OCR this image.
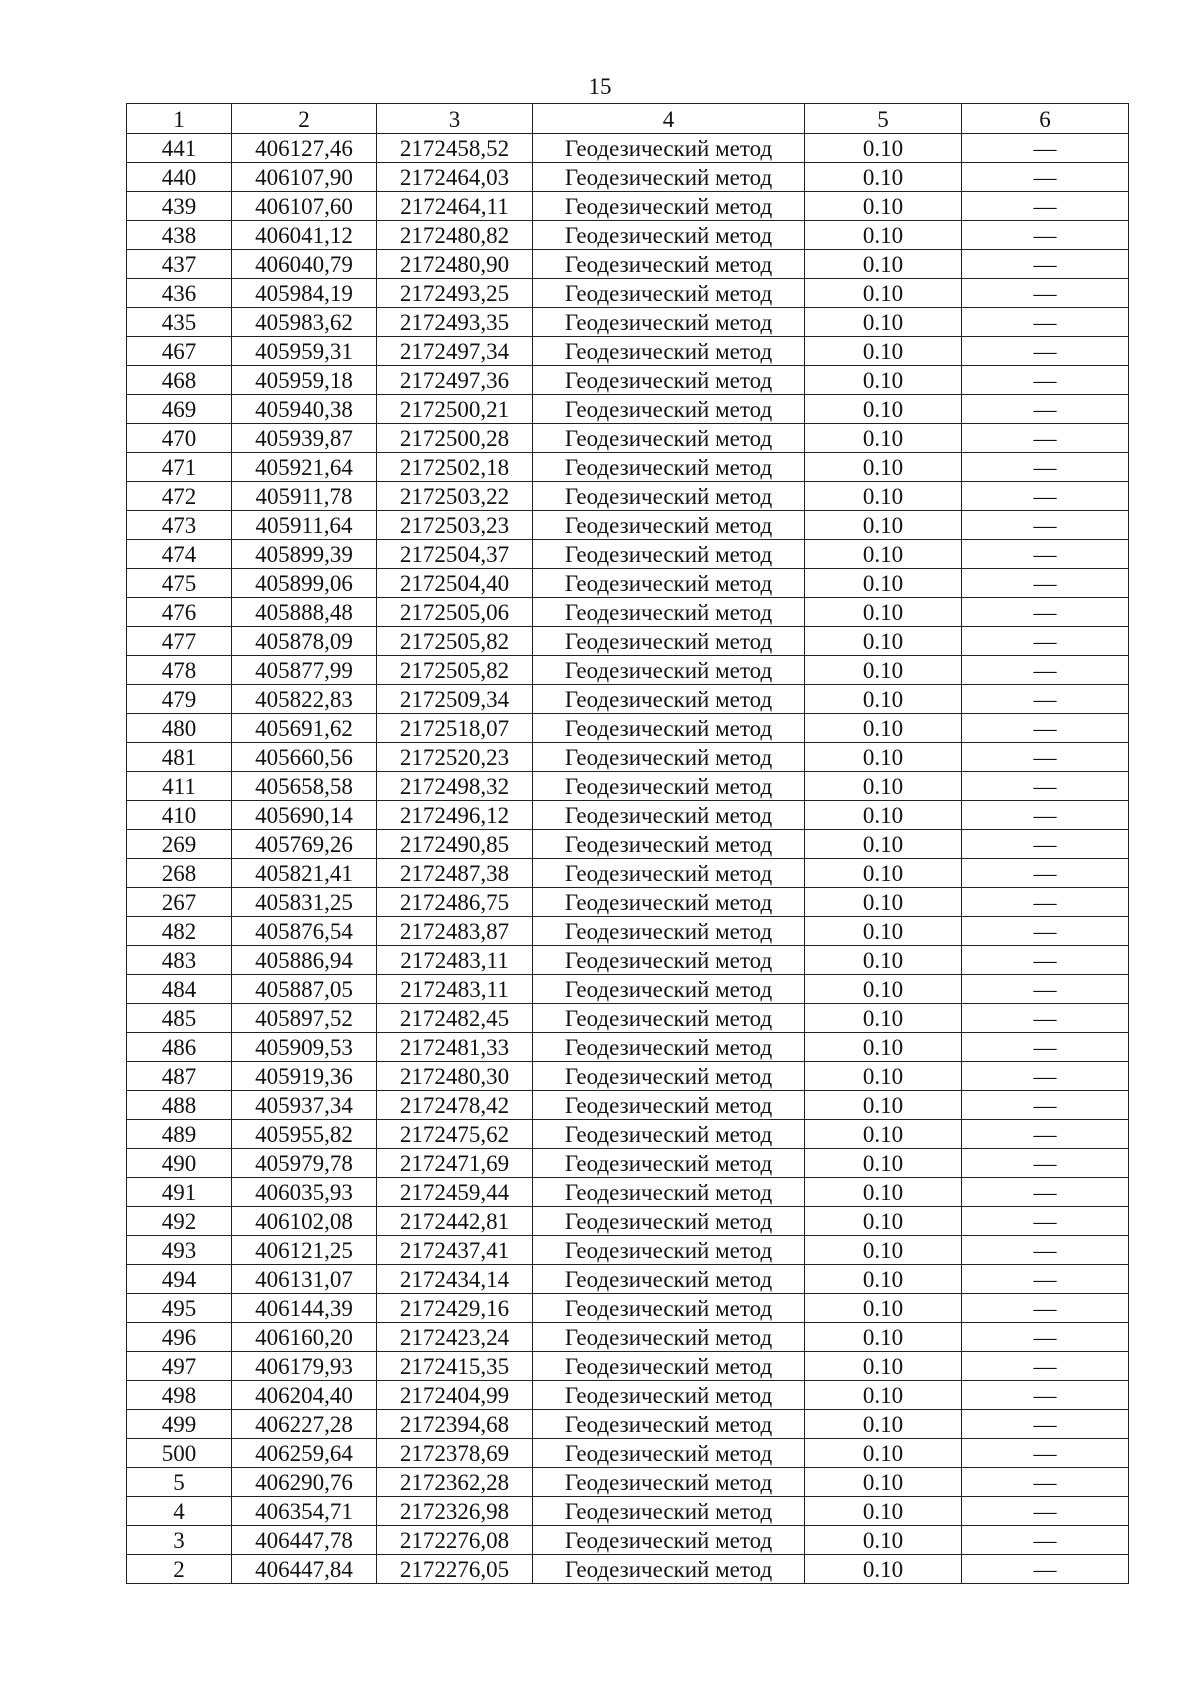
15
1	2	3	4	5	6
441	406127,46	2172458,52	Геодезический метод	0.10	—
440	406107,90	2172464,03	Геодезический метод	0.10	—
439	406107,60	2172464,11	Геодезический метод	0.10	—
438	406041,12	2172480,82	Геодезический метод	0.10	—
437	406040,79	2172480,90	Геодезический метод	0.10	—
436	405984,19	2172493,25	Геодезический метод	0.10	—
435	405983,62	2172493,35	Геодезический метод	0.10	—
467	405959,31	2172497,34	Геодезический метод	0.10	—
468	405959,18	2172497,36	Геодезический метод	0.10	—
469	405940,38	2172500,21	Геодезический метод	0.10	—
470	405939,87	2172500,28	Геодезический метод	0.10	—
471	405921,64	2172502,18	Геодезический метод	0.10	—
472	405911,78	2172503,22	Геодезический метод	0.10	—
473	405911,64	2172503,23	Геодезический метод	0.10	—
474	405899,39	2172504,37	Геодезический метод	0.10	—
475	405899,06	2172504,40	Геодезический метод	0.10	—
476	405888,48	2172505,06	Геодезический метод	0.10	—
477	405878,09	2172505,82	Геодезический метод	0.10	—
478	405877,99	2172505,82	Геодезический метод	0.10	—
479	405822,83	2172509,34	Геодезический метод	0.10	—
480	405691,62	2172518,07	Геодезический метод	0.10	—
481	405660,56	2172520,23	Геодезический метод	0.10	—
411	405658,58	2172498,32	Геодезический метод	0.10	—
410	405690,14	2172496,12	Геодезический метод	0.10	—
269	405769,26	2172490,85	Геодезический метод	0.10	—
268	405821,41	2172487,38	Геодезический метод	0.10	—
267	405831,25	2172486,75	Геодезический метод	0.10	—
482	405876,54	2172483,87	Геодезический метод	0.10	—
483	405886,94	2172483,11	Геодезический метод	0.10	—
484	405887,05	2172483,11	Геодезический метод	0.10	—
485	405897,52	2172482,45	Геодезический метод	0.10	—
486	405909,53	2172481,33	Геодезический метод	0.10	—
487	405919,36	2172480,30	Геодезический метод	0.10	—
488	405937,34	2172478,42	Геодезический метод	0.10	—
489	405955,82	2172475,62	Геодезический метод	0.10	—
490	405979,78	2172471,69	Геодезический метод	0.10	—
491	406035,93	2172459,44	Геодезический метод	0.10	—
492	406102,08	2172442,81	Геодезический метод	0.10	—
493	406121,25	2172437,41	Геодезический метод	0.10	—
494	406131,07	2172434,14	Геодезический метод	0.10	—
495	406144,39	2172429,16	Геодезический метод	0.10	—
496	406160,20	2172423,24	Геодезический метод	0.10	—
497	406179,93	2172415,35	Геодезический метод	0.10	—
498	406204,40	2172404,99	Геодезический метод	0.10	—
499	406227,28	2172394,68	Геодезический метод	0.10	—
500	406259,64	2172378,69	Геодезический метод	0.10	—
5	406290,76	2172362,28	Геодезический метод	0.10	—
4	406354,71	2172326,98	Геодезический метод	0.10	—
3	406447,78	2172276,08	Геодезический метод	0.10	—
2	406447,84	2172276,05	Геодезический метод	0.10	—
